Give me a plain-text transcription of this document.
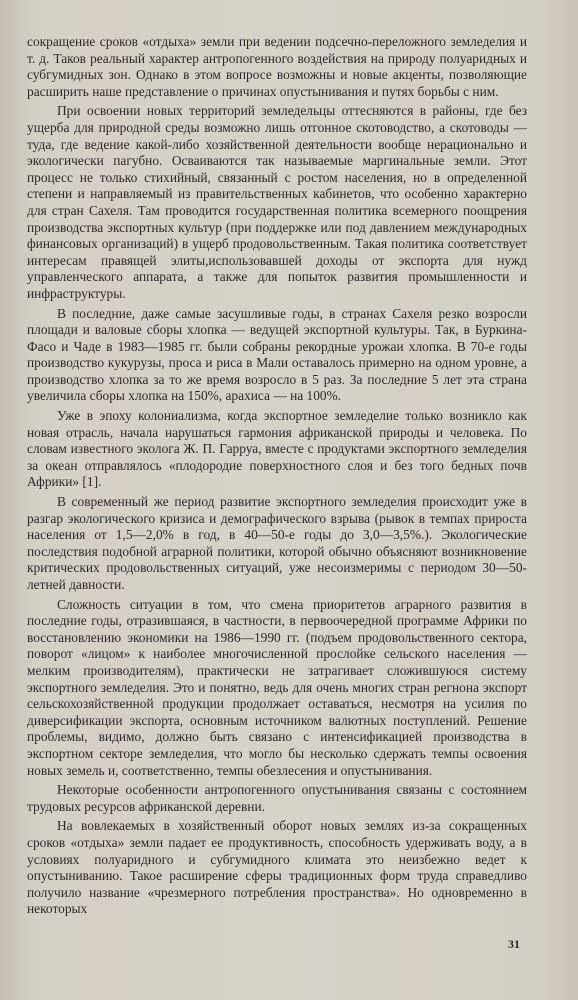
сокращение сроков «отдыха» земли при ведении подсечно-переложного земледелия и т. д. Таков реальный характер антропогенного воздействия на природу полуаридных и субгумидных зон. Однако в этом вопросе возможны и новые акценты, позволяющие расширить наше представление о причинах опустынивания и путях борьбы с ним.

При освоении новых территорий земледельцы оттесняются в районы, где без ущерба для природной среды возможно лишь отгонное скотоводство, а скотоводы — туда, где ведение какой-либо хозяйственной деятельности вообще нерационально и экологически пагубно. Осваиваются так называемые маргинальные земли. Этот процесс не только стихийный, связанный с ростом населения, но в определенной степени и направляемый из правительственных кабинетов, что особенно характерно для стран Сахеля. Там проводится государственная политика всемерного поощрения производства экспортных культур (при поддержке или под давлением международных финансовых организаций) в ущерб продовольственным. Такая политика соответствует интересам правящей элиты,использовавшей доходы от экспорта для нужд управленческого аппарата, а также для попыток развития промышленности и инфраструктуры.

В последние, даже самые засушливые годы, в странах Сахеля резко возросли площади и валовые сборы хлопка — ведущей экспортной культуры. Так, в Буркина-Фасо и Чаде в 1983—1985 гг. были собраны рекордные урожаи хлопка. В 70-е годы производство кукурузы, проса и риса в Мали оставалось примерно на одном уровне, а производство хлопка за то же время возросло в 5 раз. За последние 5 лет эта страна увеличила сборы хлопка на 150%, арахиса — на 100%.

Уже в эпоху колониализма, когда экспортное земледелие только возникло как новая отрасль, начала нарушаться гармония африканской природы и человека. По словам известного эколога Ж. П. Гарруа, вместе с продуктами экспортного земледелия за океан отправлялось «плодородие поверхностного слоя и без того бедных почв Африки» [1].

В современный же период развитие экспортного земледелия происходит уже в разгар экологического кризиса и демографического взрыва (рывок в темпах прироста населения от 1,5—2,0% в год, в 40—50-е годы до 3,0—3,5%.). Экологические последствия подобной аграрной политики, которой обычно объясняют возникновение критических продовольственных ситуаций, уже несоизмеримы с периодом 30—50-летней давности.

Сложность ситуации в том, что смена приоритетов аграрного развития в последние годы, отразившаяся, в частности, в первоочередной программе Африки по восстановлению экономики на 1986—1990 гг. (подъем продовольственного сектора, поворот «лицом» к наиболее многочисленной прослойке сельского населения — мелким производителям), практически не затрагивает сложившуюся систему экспортного земледелия. Это и понятно, ведь для очень многих стран регнона экспорт сельскохозяйственной продукции продолжает оставаться, несмотря на усилия по диверсификации экспорта, основным источником валютных поступлений. Решение проблемы, видимо, должно быть связано с интенсификацией производства в экспортном секторе земледелия, что могло бы несколько сдержать темпы освоения новых земель и, соответственно, темпы обезлесения и опустынивания.

Некоторые особенности антропогенного опустынивания связаны с состоянием трудовых ресурсов африканской деревни.

На вовлекаемых в хозяйственный оборот новых землях из-за сокращенных сроков «отдыха» земли падает ее продуктивность, способность удерживать воду, а в условиях полуаридного и субгумидного климата это неизбежно ведет к опустыниванию. Такое расширение сферы традиционных форм труда справедливо получило название «чрезмерного потребления пространства». Но одновременно в некоторых

31
